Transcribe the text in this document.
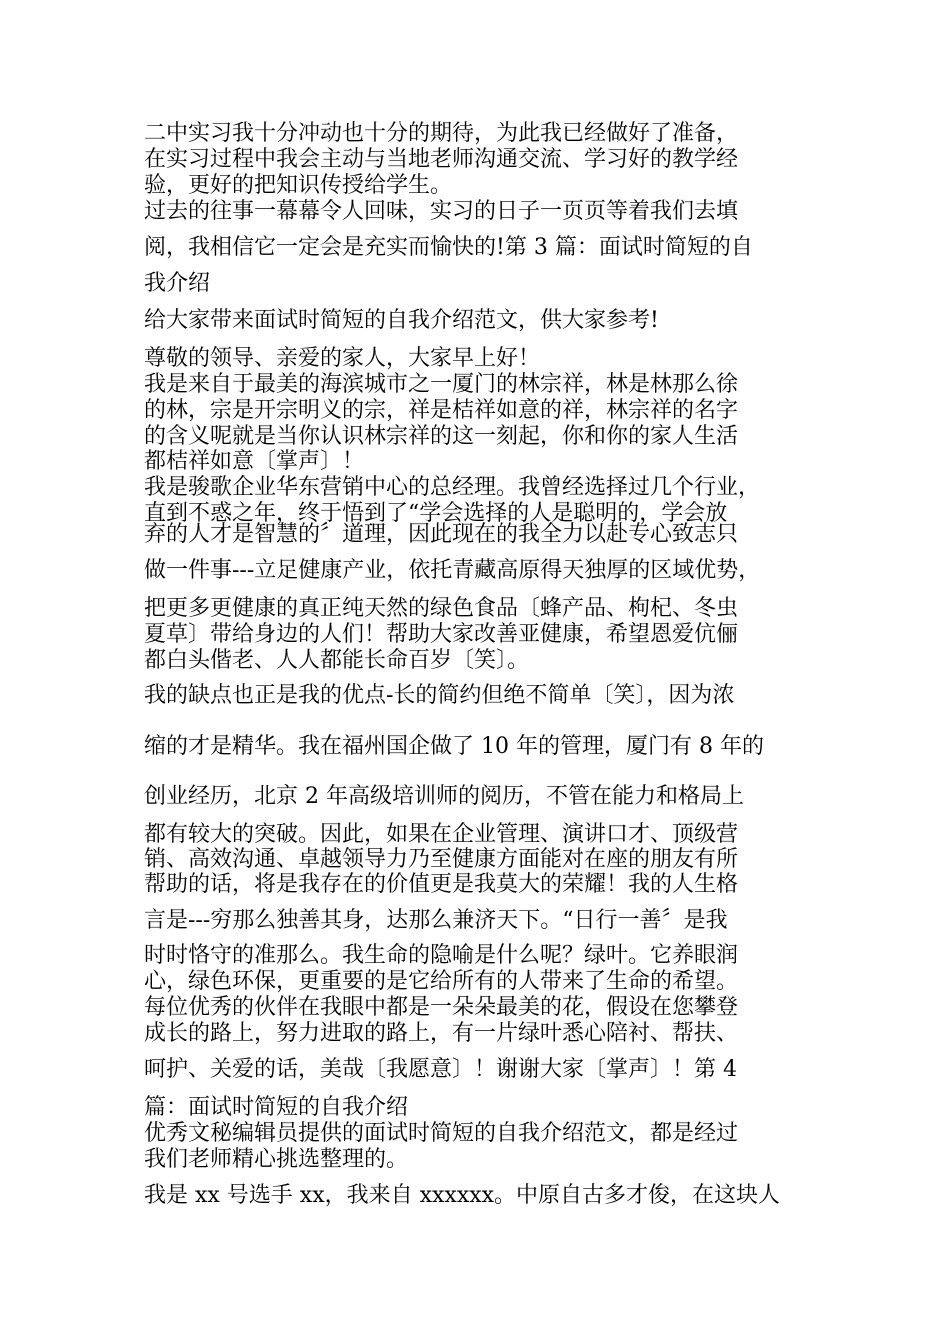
二中实习我十分冲动也十分的期待，为此我已经做好了准备，

在实习过程中我会主动与当地老师沟通交流、学习好的教学经

验，更好的把知识传授给学生。

过去的往事一幕幕令人回味，实习的日子一页页等着我们去填

阅，我相信它一定会是充实而愉快的!第 3 篇：面试时简短的自

我介绍

给大家带来面试时简短的自我介绍范文，供大家参考!

尊敬的领导、亲爱的家人，大家早上好！

我是来自于最美的海滨城市之一厦门的林宗祥，林是林那么徐

的林，宗是开宗明义的宗，祥是桔祥如意的祥，林宗祥的名字

的含义呢就是当你认识林宗祥的这一刻起，你和你的家人生活

都桔祥如意〔掌声〕！

我是骏歌企业华东营销中心的总经理。我曾经选择过几个行业，

直到不惑之年，终于悟到了“学会选择的人是聪明的，学会放

弃的人才是智慧的〞道理，因此现在的我全力以赴专心致志只

做一件事---立足健康产业，依托青藏高原得天独厚的区域优势，

把更多更健康的真正纯天然的绿色食品〔蜂产品、枸杞、冬虫

夏草〕带给身边的人们！帮助大家改善亚健康，希望恩爱伉俪

都白头偕老、人人都能长命百岁〔笑〕。

我的缺点也正是我的优点-长的简约但绝不简单〔笑〕，因为浓

缩的才是精华。我在福州国企做了 10 年的管理，厦门有 8 年的

创业经历，北京 2 年高级培训师的阅历，不管在能力和格局上

都有较大的突破。因此，如果在企业管理、演讲口才、顶级营

销、高效沟通、卓越领导力乃至健康方面能对在座的朋友有所

帮助的话，将是我存在的价值更是我莫大的荣耀！我的人生格

言是---穷那么独善其身，达那么兼济天下。“日行一善〞是我

时时恪守的准那么。我生命的隐喻是什么呢？绿叶。它养眼润

心，绿色环保，更重要的是它给所有的人带来了生命的希望。

每位优秀的伙伴在我眼中都是一朵朵最美的花，假设在您攀登

成长的路上，努力进取的路上，有一片绿叶悉心陪衬、帮扶、

呵护、关爱的话，美哉〔我愿意〕！谢谢大家〔掌声〕！第 4

篇：面试时简短的自我介绍

优秀文秘编辑员提供的面试时简短的自我介绍范文，都是经过

我们老师精心挑选整理的。

我是 xx 号选手 xx，我来自 xxxxxx。中原自古多才俊，在这块人
